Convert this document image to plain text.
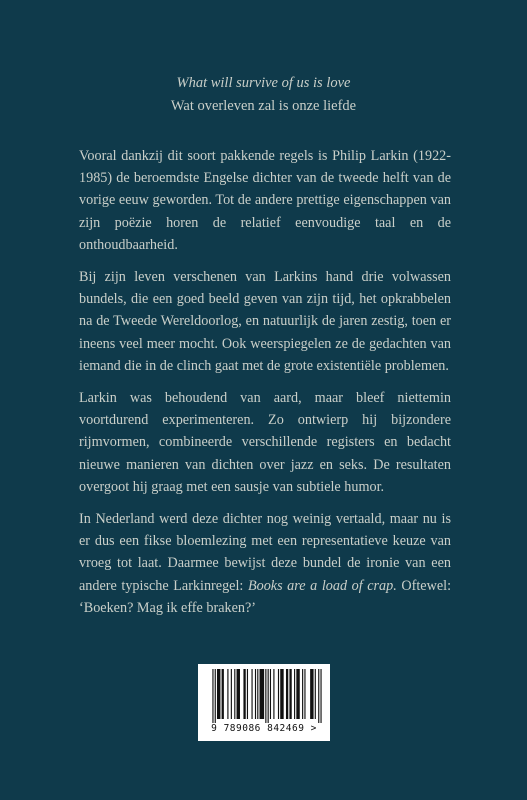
What will survive of us is love
Wat overleven zal is onze liefde

Vooral dankzij dit soort pakkende regels is Philip Larkin (1922-1985) de beroemdste Engelse dichter van de tweede helft van de vorige eeuw geworden. Tot de andere prettige eigenschappen van zijn poëzie horen de relatief eenvoudige taal en de onthoudbaarheid.

Bij zijn leven verschenen van Larkins hand drie volwassen bundels, die een goed beeld geven van zijn tijd, het opkrabbelen na de Tweede Wereldoorlog, en natuurlijk de jaren zestig, toen er ineens veel meer mocht. Ook weerspiegelen ze de gedachten van iemand die in de clinch gaat met de grote existentiële problemen.

Larkin was behoudend van aard, maar bleef niettemin voortdurend experimenteren. Zo ontwierp hij bijzondere rijmvormen, combineerde verschillende registers en bedacht nieuwe manieren van dichten over jazz en seks. De resultaten overgoot hij graag met een sausje van subtiele humor.

In Nederland werd deze dichter nog weinig vertaald, maar nu is er dus een fikse bloemlezing met een representatieve keuze van vroeg tot laat. Daarmee bewijst deze bundel de ironie van een andere typische Larkinregel: Books are a load of crap. Oftewel: ‘Boeken? Mag ik effe braken?’

9 789086 842469 >
